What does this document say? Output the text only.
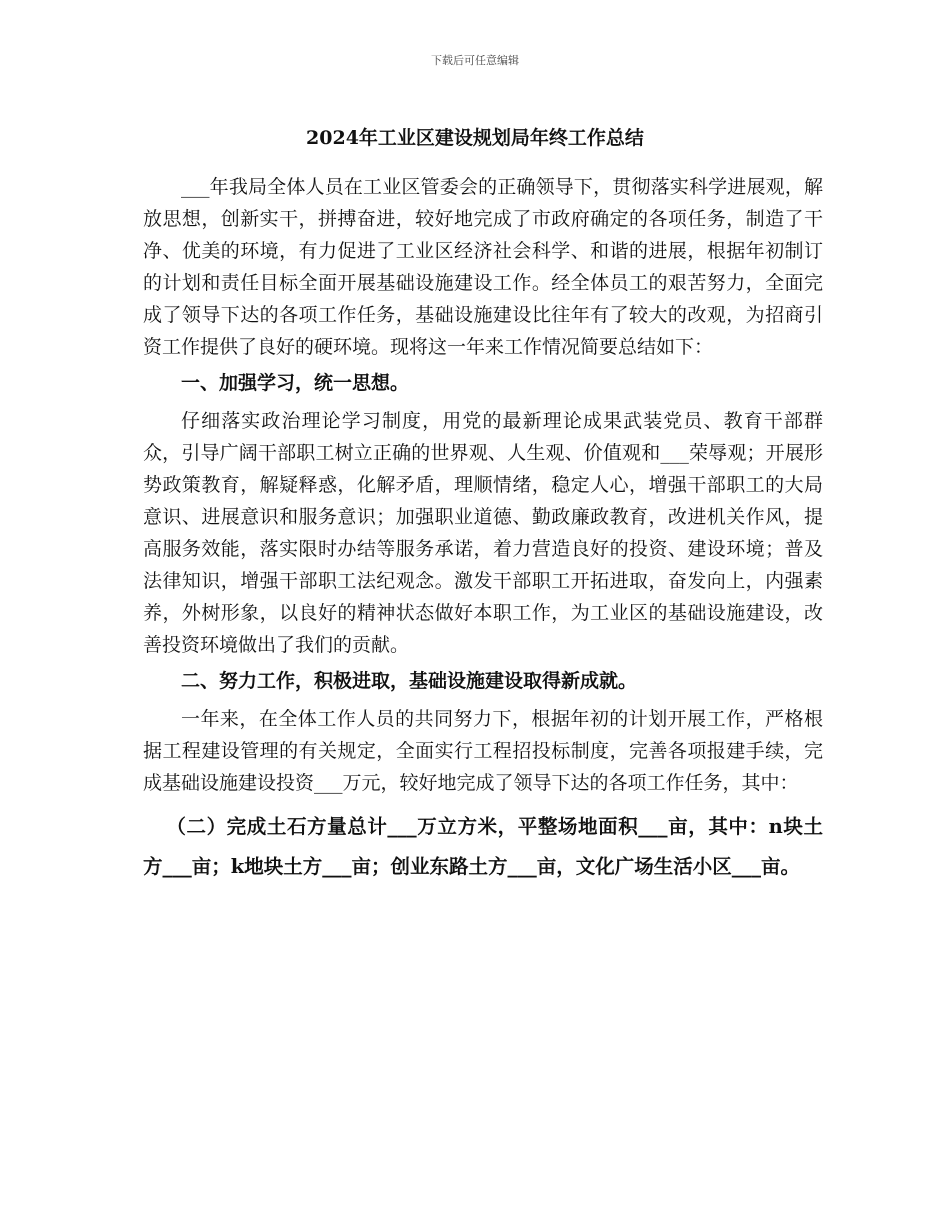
下载后可任意编辑
2024年工业区建设规划局年终工作总结

___年我局全体人员在工业区管委会的正确领导下，贯彻落实科学进展观，解放思想，创新实干，拼搏奋进，较好地完成了市政府确定的各项任务，制造了干净、优美的环境，有力促进了工业区经济社会科学、和谐的进展，根据年初制订的计划和责任目标全面开展基础设施建设工作。经全体员工的艰苦努力，全面完成了领导下达的各项工作任务，基础设施建设比往年有了较大的改观，为招商引资工作提供了良好的硬环境。现将这一年来工作情况简要总结如下：

一、加强学习，统一思想。

仔细落实政治理论学习制度，用党的最新理论成果武装党员、教育干部群众，引导广阔干部职工树立正确的世界观、人生观、价值观和___荣辱观；开展形势政策教育，解疑释惑，化解矛盾，理顺情绪，稳定人心，增强干部职工的大局意识、进展意识和服务意识；加强职业道德、勤政廉政教育，改进机关作风，提高服务效能，落实限时办结等服务承诺，着力营造良好的投资、建设环境；普及法律知识，增强干部职工法纪观念。激发干部职工开拓进取，奋发向上，内强素养，外树形象，以良好的精神状态做好本职工作，为工业区的基础设施建设，改善投资环境做出了我们的贡献。

二、努力工作，积极进取，基础设施建设取得新成就。

一年来，在全体工作人员的共同努力下，根据年初的计划开展工作，严格根据工程建设管理的有关规定，全面实行工程招投标制度，完善各项报建手续，完成基础设施建设投资___万元，较好地完成了领导下达的各项工作任务，其中：

（二）完成土石方量总计___万立方米，平整场地面积___亩，其中：n块土方___亩；k地块土方___亩；创业东路土方___亩，文化广场生活小区___亩。
